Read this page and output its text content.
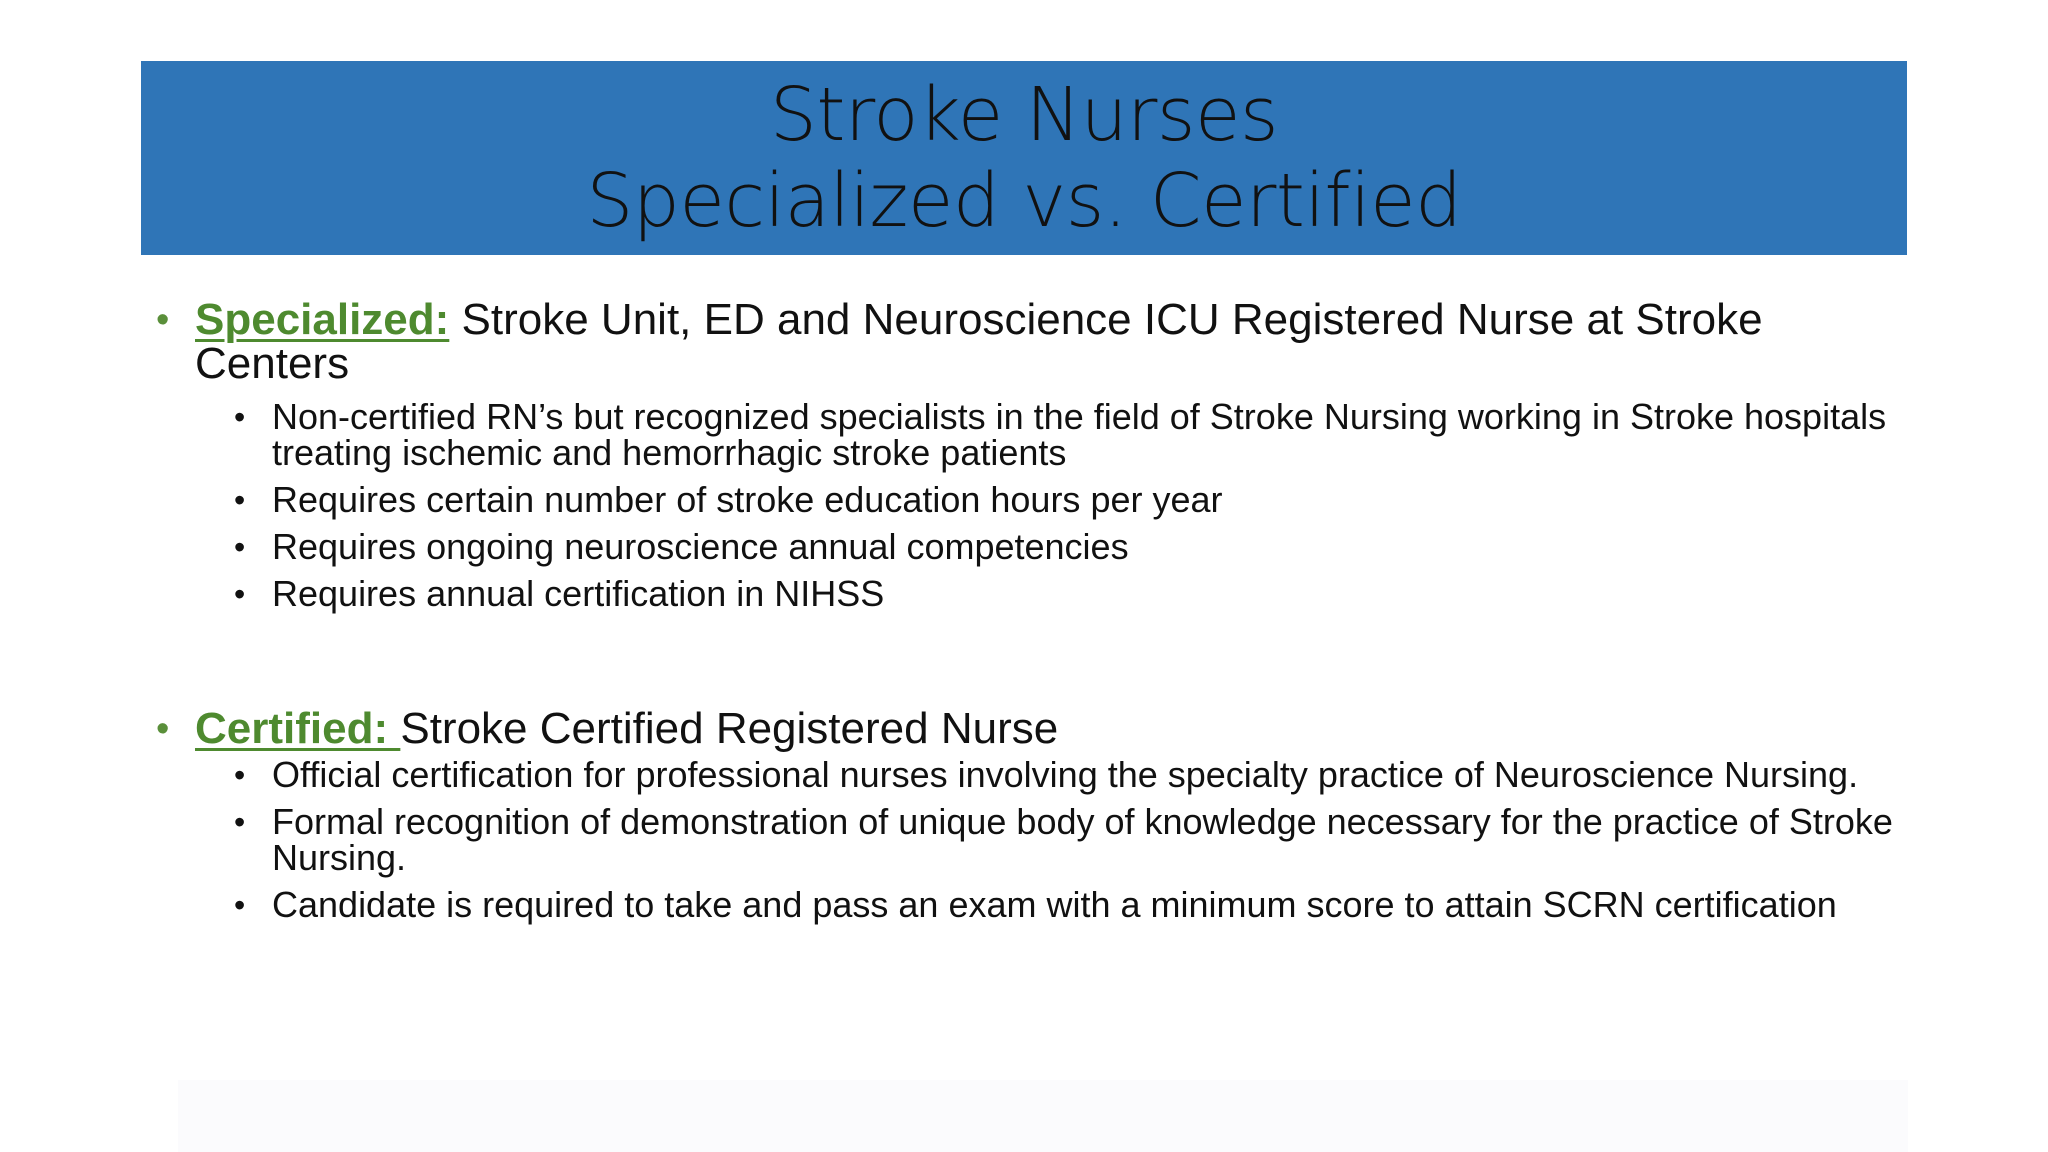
Stroke Nurses
Specialized vs. Certified
• Specialized: Stroke Unit, ED and Neuroscience ICU Registered Nurse at Stroke Centers
• Non-certified RN’s but recognized specialists in the field of Stroke Nursing working in Stroke hospitals treating ischemic and hemorrhagic stroke patients
• Requires certain number of stroke education hours per year
• Requires ongoing neuroscience annual competencies
• Requires annual certification in NIHSS
• Certified: Stroke Certified Registered Nurse
• Official certification for professional nurses involving the specialty practice of Neuroscience Nursing.
• Formal recognition of demonstration of unique body of knowledge necessary for the practice of Stroke Nursing.
• Candidate is required to take and pass an exam with a minimum score to attain SCRN certification
